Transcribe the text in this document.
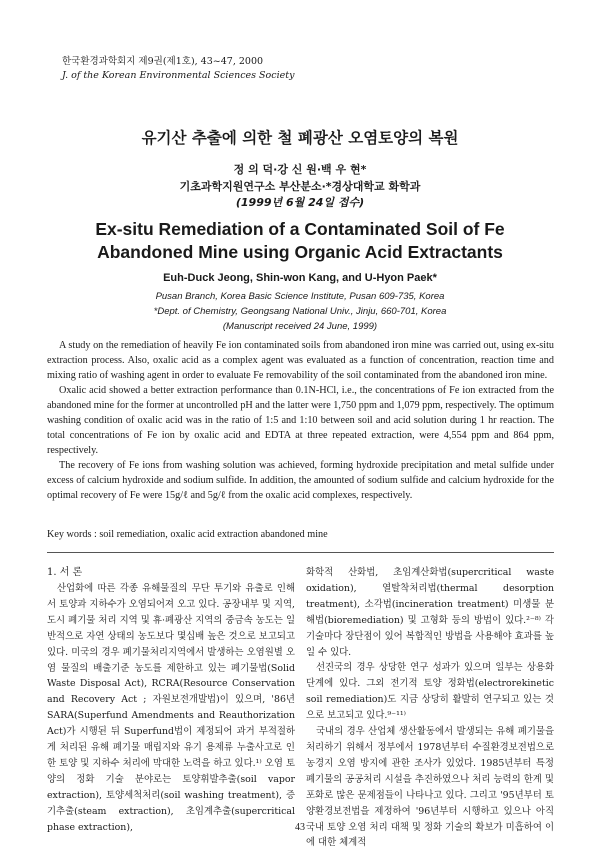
한국환경과학회지 제9권(제1호), 43~47, 2000
J. of the Korean Environmental Sciences Society
유기산 추출에 의한 철 폐광산 오염토양의 복원
정 의 덕·강 신 원·백 우 현*
기초과학지원연구소 부산분소·*경상대학교 화학과
(1999년 6월 24일 접수)
Ex-situ Remediation of a Contaminated Soil of Fe Abandoned Mine using Organic Acid Extractants
Euh-Duck Jeong, Shin-won Kang, and U-Hyon Paek*
Pusan Branch, Korea Basic Science Institute, Pusan 609-735, Korea
*Dept. of Chemistry, Geongsang National Univ., Jinju, 660-701, Korea
(Manuscript received 24 June, 1999)

A study on the remediation of heavily Fe ion contaminated soils from abandoned iron mine was carried out, using ex-situ extraction process. Also, oxalic acid as a complex agent was evaluated as a function of concentration, reaction time and mixing ratio of washing agent in order to evaluate Fe removability of the soil contaminated from the abandoned iron mine.

Oxalic acid showed a better extraction performance than 0.1N-HCl, i.e., the concentrations of Fe ion extracted from the abandoned mine for the former at uncontrolled pH and the latter were 1,750 ppm and 1,079 ppm, respectively. The optimum washing condition of oxalic acid was in the ratio of 1:5 and 1:10 between soil and acid solution during 1 hr reaction. The total concentrations of Fe ion by oxalic acid and EDTA at three repeated extraction, were 4,554 ppm and 864 ppm, respectively.

The recovery of Fe ions from washing solution was achieved, forming hydroxide precipitation and metal sulfide under excess of calcium hydroxide and sodium sulfide. In addition, the amounted of sodium sulfide and calcium hydroxide for the optimal recovery of Fe were 15g/ℓ and 5g/ℓ from the oxalic acid complexes, respectively.

Key words : soil remediation, oxalic acid extraction abandoned mine
1. 서 론

산업화에 따른 각종 유해물질의 무단 투기와 유출로 인해서 토양과 지하수가 오염되어져 오고 있다. 공장내부 및 지역, 도시 폐기물 처리 지역 및 휴·폐광산 지역의 중금속 농도는 일반적으로 자연 상태의 농도보다 몇십배 높은 것으로 보고되고 있다. 미국의 경우 폐기물처리지역에서 발생하는 오염원별 오염 물질의 배출기준 농도를 제한하고 있는 폐기물법(Solid Waste Disposal Act), RCRA(Resource Conservation and Recovery Act ; 자원보전개발법)이 있으며, '86년 SARA(Superfund Amendments and Reauthorization Act)가 시행된 뒤 Superfund법이 제정되어 과거 부적절하게 처리된 유해 폐기물 매립지와 유기 용제류 누출사고로 인한 토양 및 지하수 처리에 막대한 노력을 하고 있다.¹⁾ 오염 토양의 정화 기술 분야로는 토양휘발추출(soil vapor extraction), 토양세척처리(soil washing treatment), 증기추출(steam extraction), 초임계추출(supercritical phase extraction),

화학적 산화법, 초임계산화법(supercritical waste oxidation), 열탈착처리법(thermal desorption treatment), 소각법(incineration treatment) 미생물 분해법(bioremediation) 및 고형화 등의 방법이 있다.²⁻⁸⁾ 각 기술마다 장단점이 있어 복합적인 방법을 사용해야 효과를 높일 수 있다.

선진국의 경우 상당한 연구 성과가 있으며 일부는 상용화 단계에 있다. 그외 전기적 토양 정화법(electrorekinetic soil remediation)도 지금 상당히 활발히 연구되고 있는 것으로 보고되고 있다.⁹⁻¹¹⁾

국내의 경우 산업체 생산활동에서 발생되는 유해 폐기물을 처리하기 위해서 정부에서 1978년부터 수질환경보전법으로 농경지 오염 방지에 관한 조사가 있었다. 1985년부터 특정 폐기물의 공공처리 시설을 추진하였으나 처리 능력의 한계 및 포화로 많은 문제점들이 나타나고 있다. 그리고 '95년부터 토양환경보전법을 제정하여 '96년부터 시행하고 있으나 아직 국내 토양 오염 처리 대책 및 정화 기술의 확보가 미흡하여 이에 대한 체계적

43
